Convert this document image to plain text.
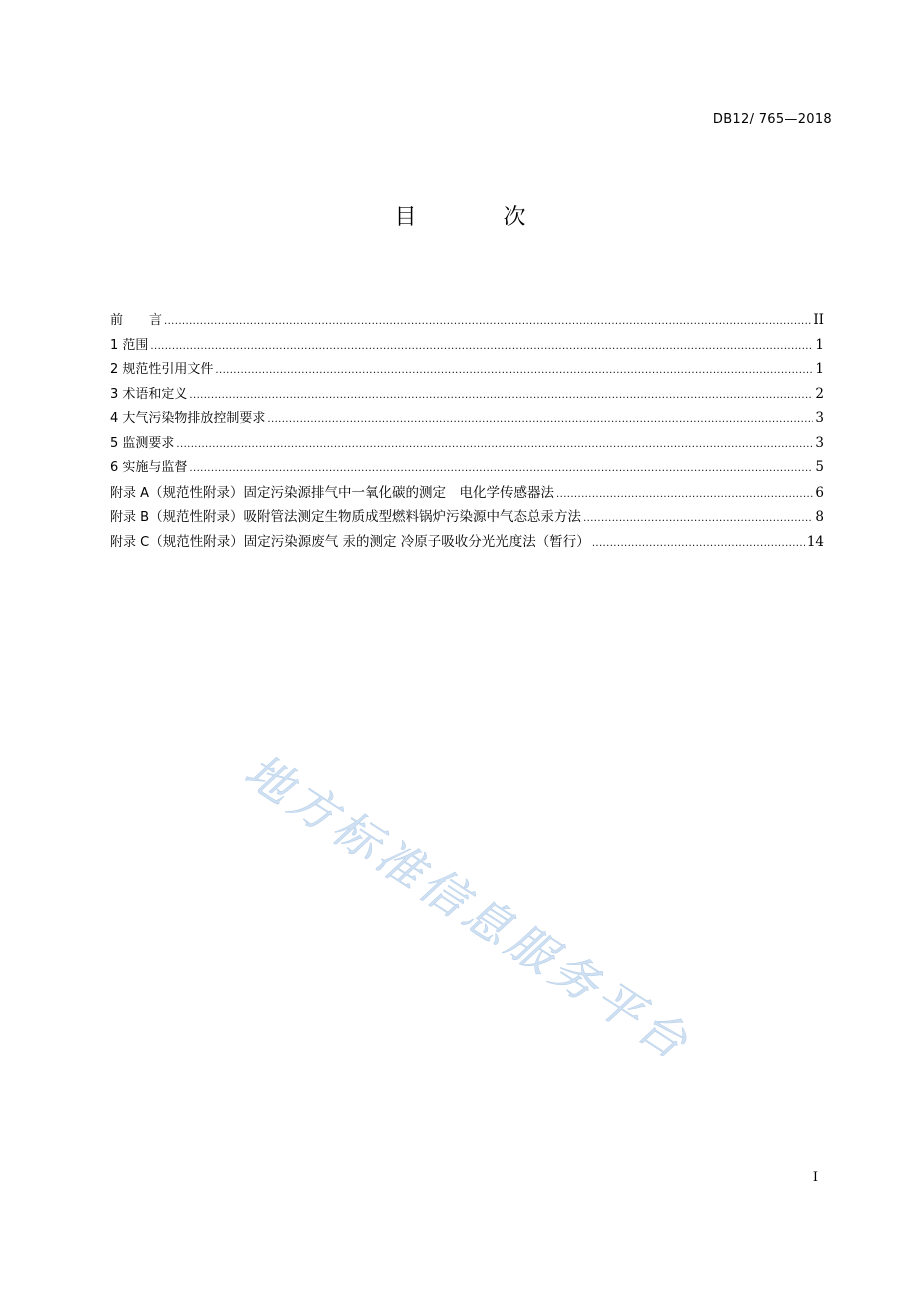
DB12/ 765—2018
目 次
前　　言 .....	II
1 范围 .....	1
2 规范性引用文件 .....	1
3 术语和定义 .....	2
4 大气污染物排放控制要求 .....	3
5 监测要求 .....	3
6 实施与监督 .....	5
附录 A（规范性附录）固定污染源排气中一氧化碳的测定　电化学传感器法 .....	6
附录 B（规范性附录）吸附管法测定生物质成型燃料锅炉污染源中气态总汞方法 .....	8
附录 C（规范性附录）固定污染源废气 汞的测定 冷原子吸收分光光度法（暂行） .....	14
地方标准信息服务平台
I
